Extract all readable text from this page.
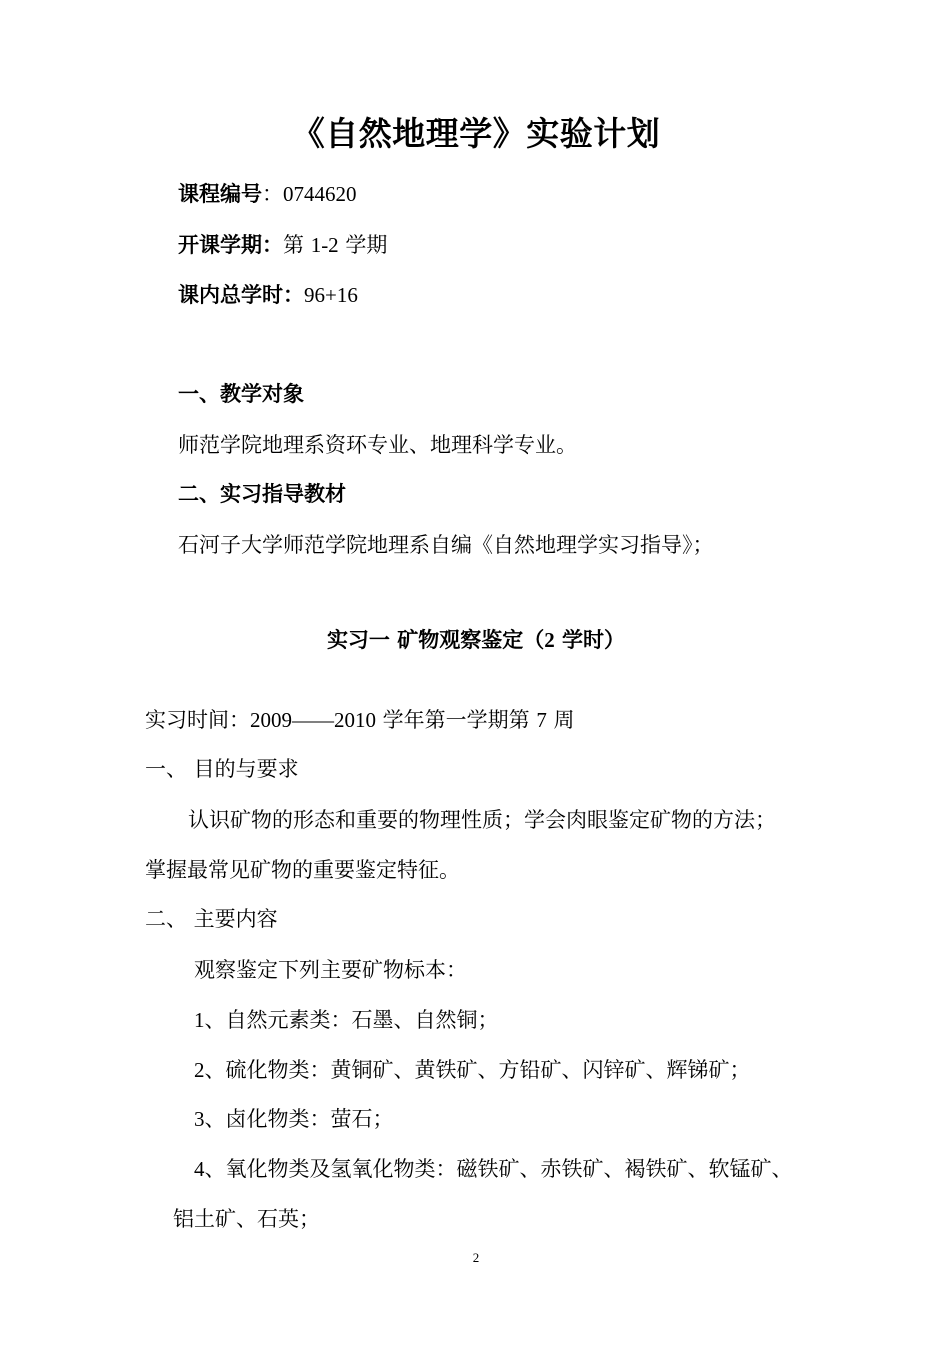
《自然地理学》实验计划
课程编号：0744620
开课学期：第 1-2 学期
课内总学时：96+16
一、教学对象
师范学院地理系资环专业、地理科学专业。
二、实习指导教材
石河子大学师范学院地理系自编《自然地理学实习指导》；
实习一 矿物观察鉴定（2 学时）
实习时间：2009——2010 学年第一学期第 7 周
一、 目的与要求
认识矿物的形态和重要的物理性质；学会肉眼鉴定矿物的方法；
掌握最常见矿物的重要鉴定特征。
二、 主要内容
观察鉴定下列主要矿物标本：
1、自然元素类：石墨、自然铜；
2、硫化物类：黄铜矿、黄铁矿、方铅矿、闪锌矿、辉锑矿；
3、卤化物类：萤石；
4、氧化物类及氢氧化物类：磁铁矿、赤铁矿、褐铁矿、软锰矿、
铝土矿、石英；
2
